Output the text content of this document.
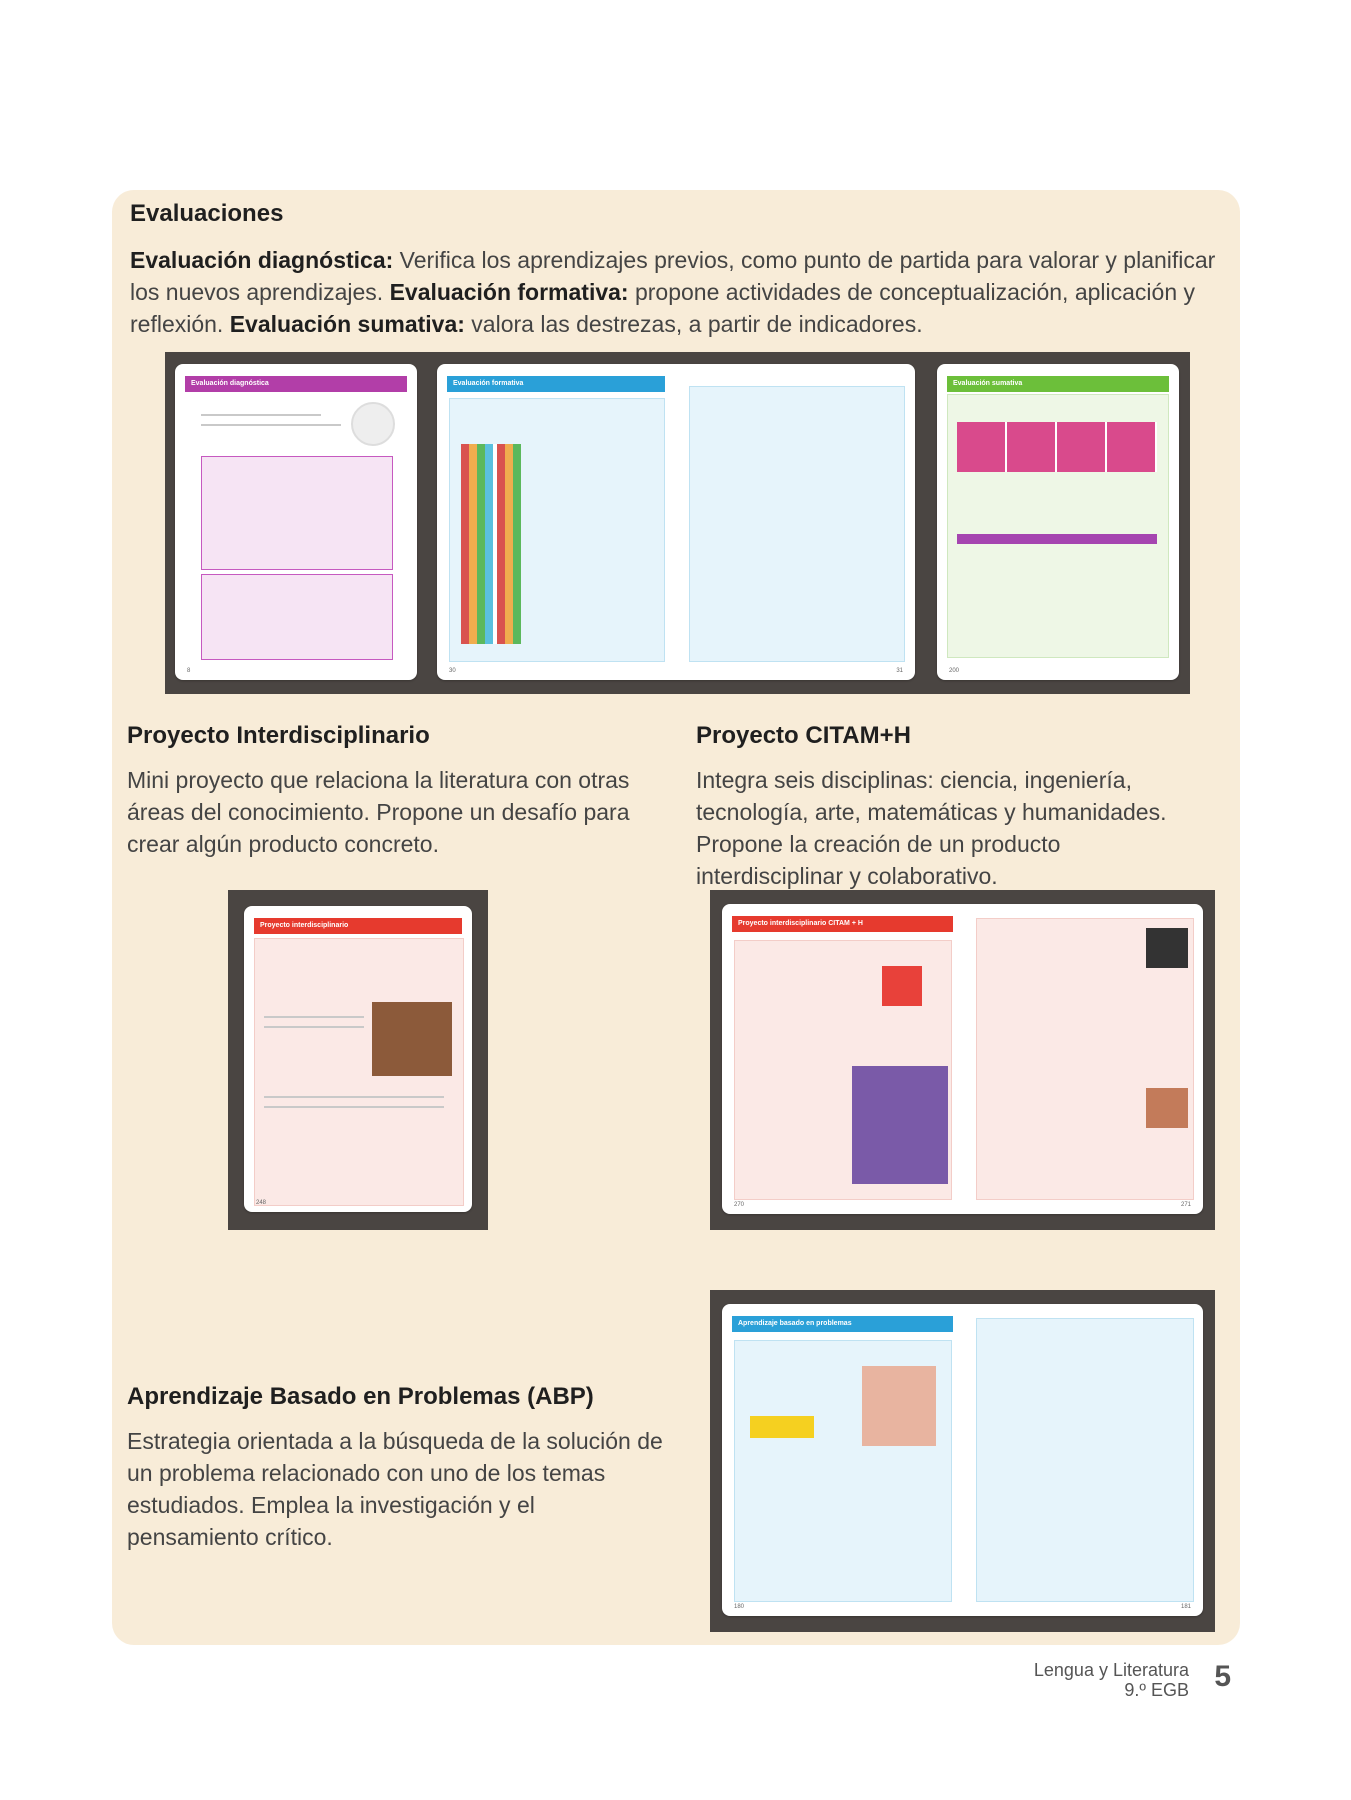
Evaluaciones

Evaluación diagnóstica: Verifica los aprendizajes previos, como punto de partida para valorar y planificar los nuevos aprendizajes. Evaluación formativa: propone actividades de conceptualización, aplicación y reflexión. Evaluación sumativa: valora las destrezas, a partir de indicadores.

Evaluación diagnóstica
8
Evaluación formativa
30	31
Evaluación sumativa
200
Proyecto Interdisciplinario

Mini proyecto que relaciona la literatura con otras áreas del conocimiento. Propone un desafío para crear algún producto concreto.

Proyecto interdisciplinario
248
Proyecto CITAM+H

Integra seis disciplinas: ciencia, ingeniería, tecnología, arte, matemáticas y humanidades. Propone la creación de un producto interdisciplinar y colaborativo.

Proyecto interdisciplinario CITAM + H
270	271
Aprendizaje Basado en Problemas (ABP)

Estrategia orientada a la búsqueda de la solución de un problema relacionado con uno de los temas estudiados. Emplea la investigación y el pensamiento crítico.

Aprendizaje basado en problemas
180	181
Lengua y Literatura
9.º EGB 5
